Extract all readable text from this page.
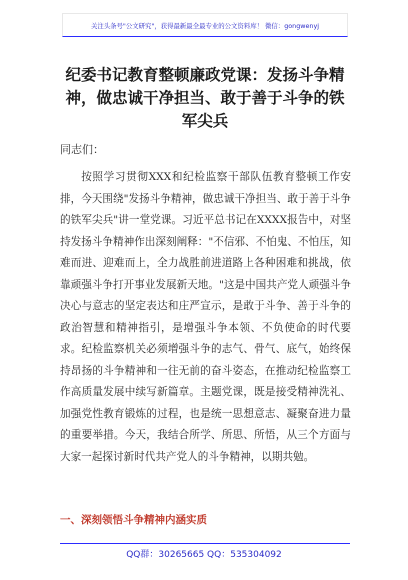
关注头条号"公文研究"，获得最新最全最专业的公文资料库！ 微信：gongwenyj
纪委书记教育整顿廉政党课：发扬斗争精神，做忠诚干净担当、敢于善于斗争的铁军尖兵

同志们：

按照学习贯彻XXX和纪检监察干部队伍教育整顿工作安排，今天围绕"发扬斗争精神，做忠诚干净担当、敢于善于斗争的铁军尖兵"讲一堂党课。习近平总书记在XXXX报告中，对坚持发扬斗争精神作出深刻阐释："不信邪、不怕鬼、不怕压，知难而进、迎难而上，全力战胜前进道路上各种困难和挑战，依靠顽强斗争打开事业发展新天地。"这是中国共产党人顽强斗争决心与意志的坚定表达和庄严宣示，是敢于斗争、善于斗争的政治智慧和精神指引，是增强斗争本领、不负使命的时代要求。纪检监察机关必须增强斗争的志气、骨气、底气，始终保持昂扬的斗争精神和一往无前的奋斗姿态，在推动纪检监察工作高质量发展中续写新篇章。主题党课，既是接受精神洗礼、加强党性教育锻炼的过程，也是统一思想意志、凝聚奋进力量的重要举措。今天，我结合所学、所思、所悟，从三个方面与大家一起探讨新时代共产党人的斗争精神，以期共勉。

一、深刻领悟斗争精神内涵实质

QQ群：30265665 QQ：535304092
